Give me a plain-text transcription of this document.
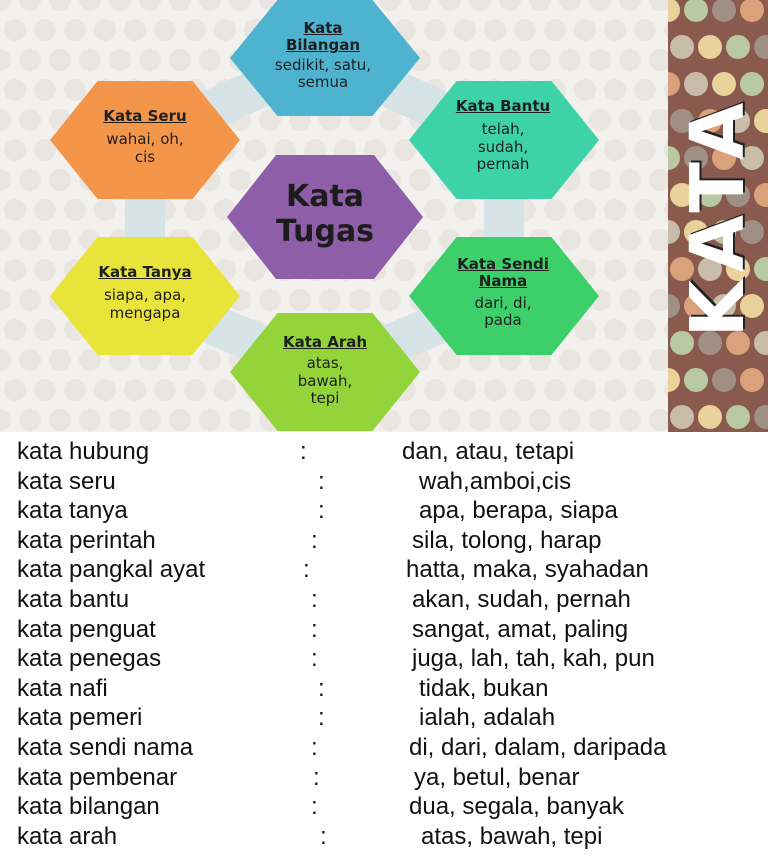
Kata
Bilangan
sedikit, satu,
semua
Kata Bantu
telah,
sudah,
pernah
Kata Sendi
Nama
dari, di,
pada
Kata Arah
atas,
bawah,
tepi
Kata Tanya
siapa, apa,
mengapa
Kata Seru
wahai, oh,
cis
Kata
Tugas	KATA
kata hubung	:	dan, atau, tetapi
kata seru	:	wah,amboi,cis
kata tanya	:	apa, berapa, siapa
kata perintah	:	sila, tolong, harap
kata pangkal ayat	:	hatta, maka, syahadan
kata bantu	:	akan, sudah, pernah
kata penguat	:	sangat, amat, paling
kata penegas	:	juga, lah, tah, kah, pun
kata nafi	:	tidak, bukan
kata pemeri	:	ialah, adalah
kata sendi nama	:	di, dari, dalam, daripada
kata pembenar	:	ya, betul, benar
kata bilangan	:	dua, segala, banyak
kata arah	:	atas, bawah, tepi
